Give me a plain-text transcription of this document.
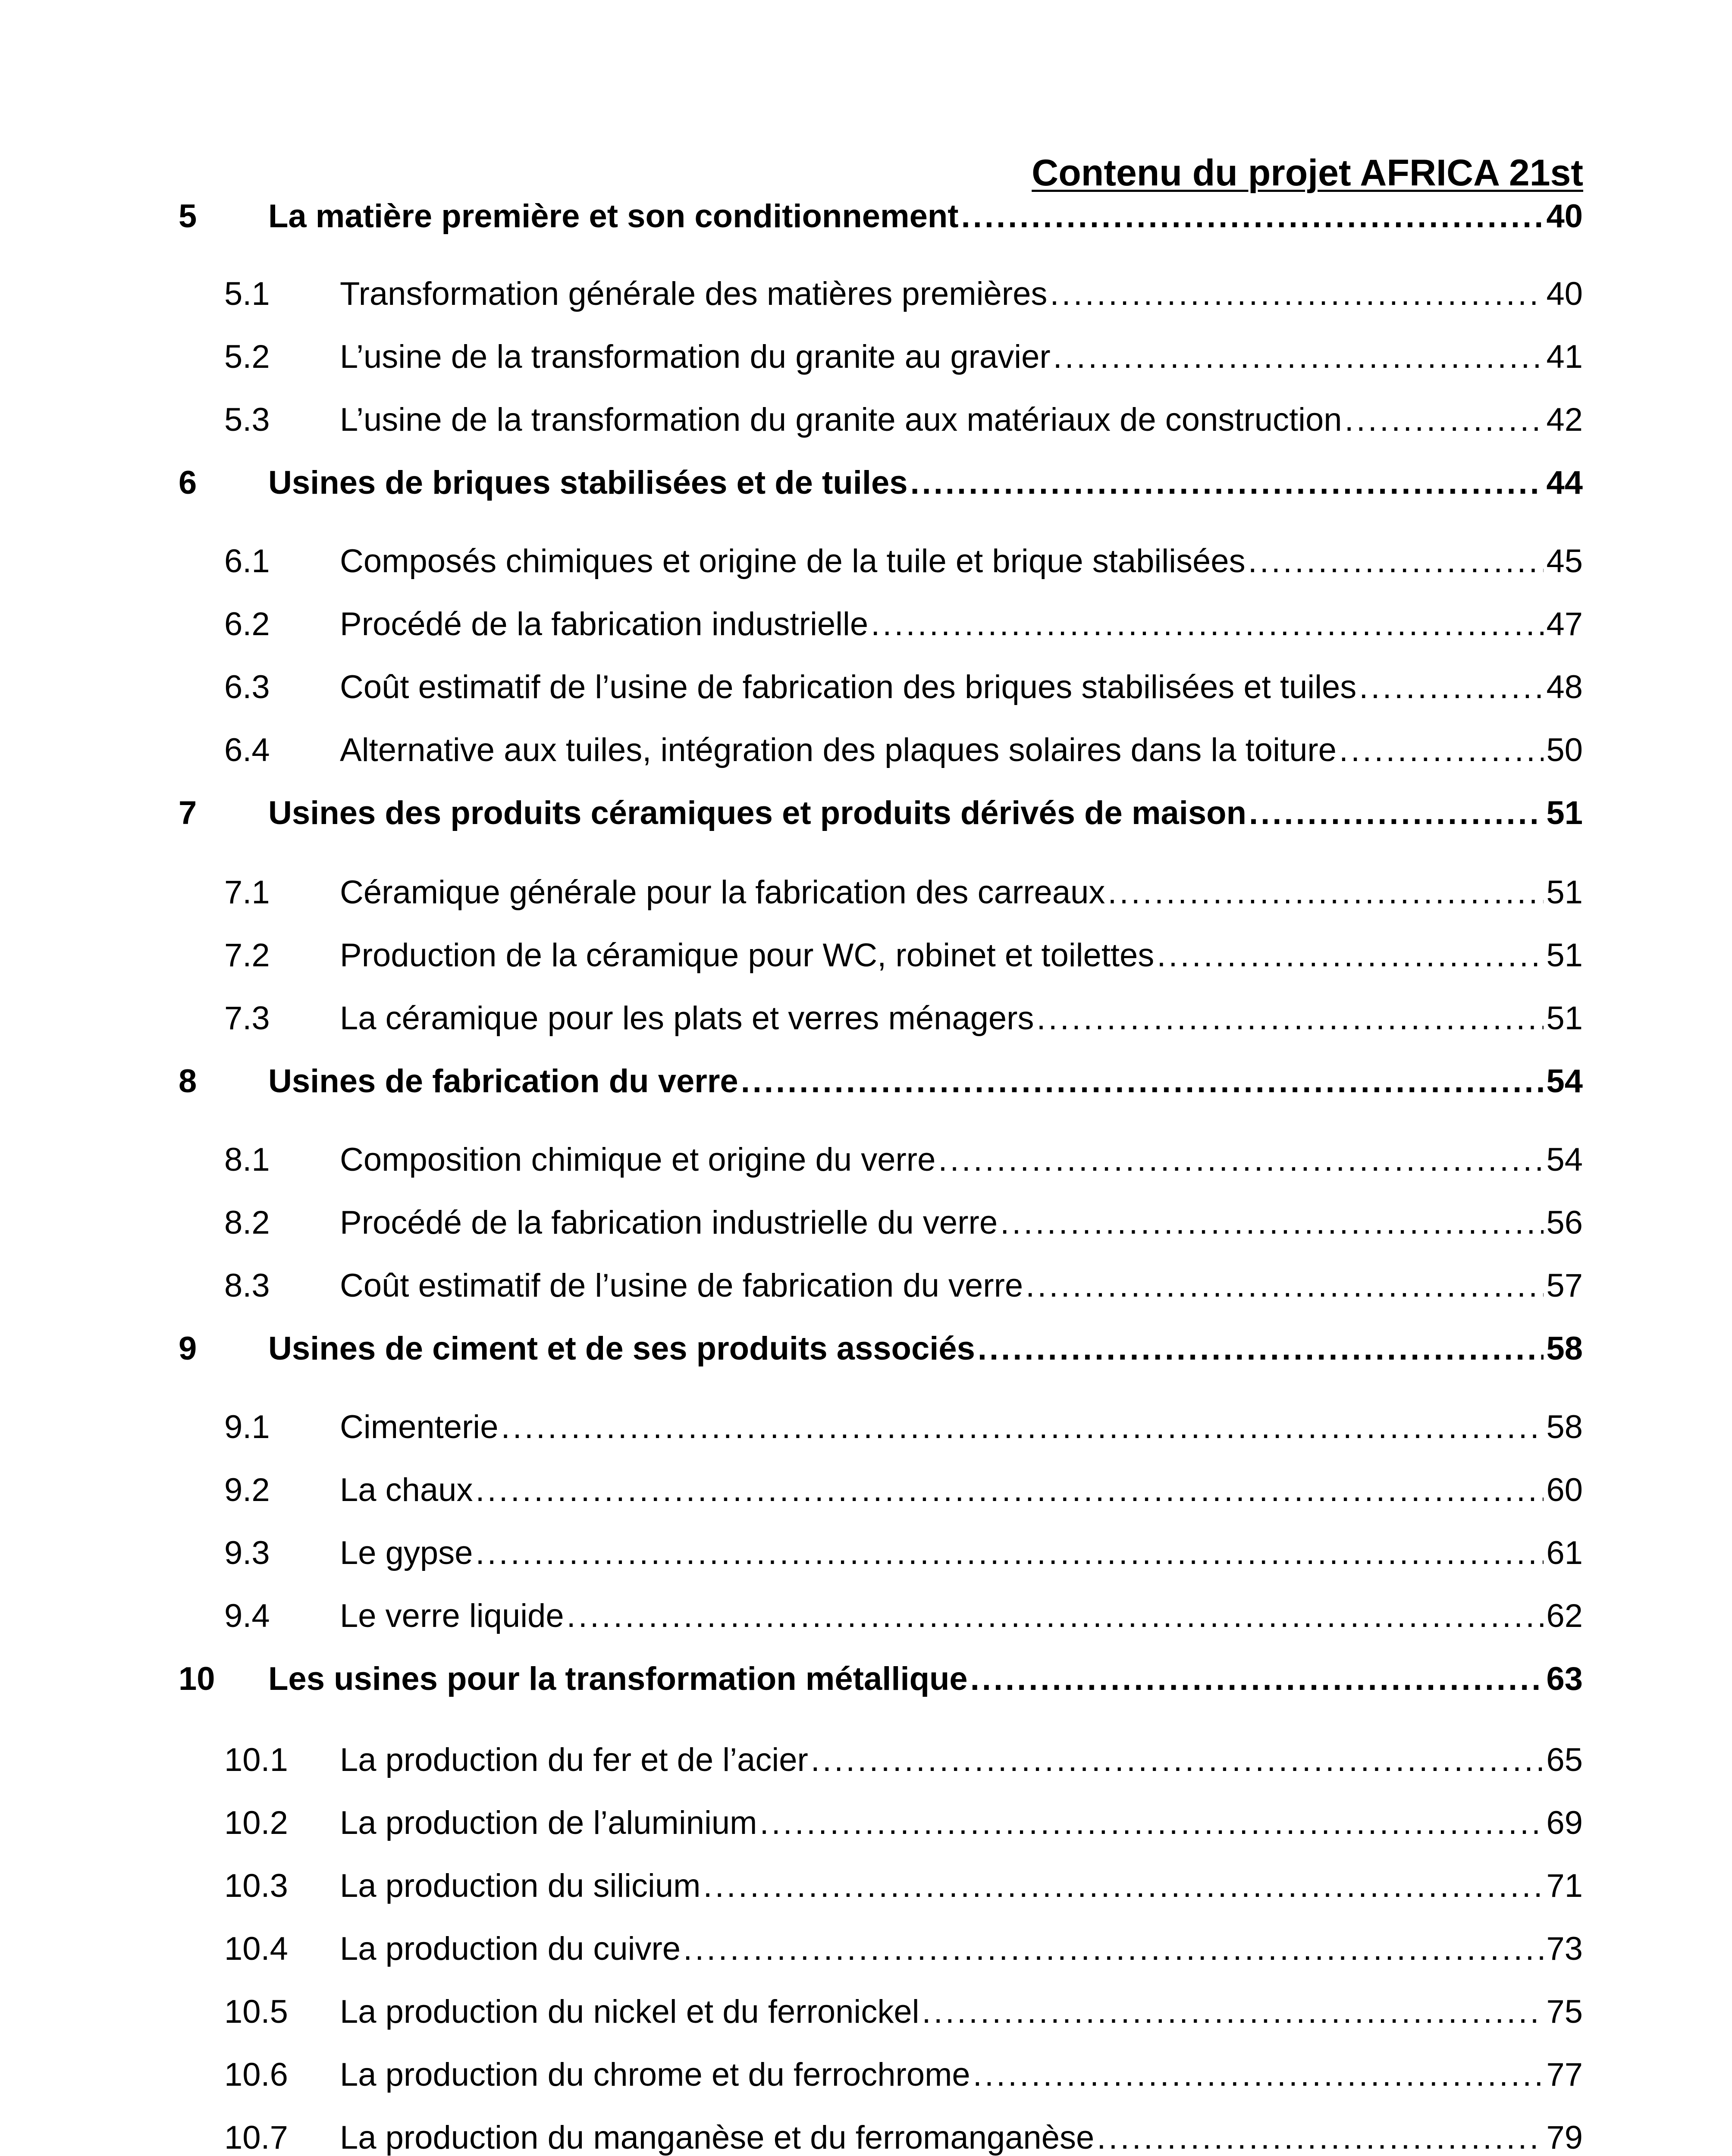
Contenu du projet AFRICA 21st
5	La matière première et son conditionnement .....	40
5.1	Transformation générale des matières premières .....	40
5.2	L’usine de la transformation du granite au gravier .....	41
5.3	L’usine de la transformation du granite aux matériaux de construction .....	42
6	Usines de briques stabilisées et de tuiles .....	44
6.1	Composés chimiques et origine de la tuile et brique stabilisées .....	45
6.2	Procédé de la fabrication industrielle .....	47
6.3	Coût estimatif de l’usine de fabrication des briques stabilisées et tuiles .....	48
6.4	Alternative aux tuiles, intégration des plaques solaires dans la toiture .....	50
7	Usines des produits céramiques et produits dérivés de maison .....	51
7.1	Céramique générale pour la fabrication des carreaux .....	51
7.2	Production de la céramique pour WC, robinet et toilettes .....	51
7.3	La céramique pour les plats et verres ménagers .....	51
8	Usines de fabrication du verre .....	54
8.1	Composition chimique et origine du verre .....	54
8.2	Procédé de la fabrication industrielle du verre .....	56
8.3	Coût estimatif de l’usine de fabrication du verre .....	57
9	Usines de ciment et de ses produits associés .....	58
9.1	Cimenterie .....	58
9.2	La chaux .....	60
9.3	Le gypse .....	61
9.4	Le verre liquide .....	62
10	Les usines pour la transformation métallique .....	63
10.1	La production du fer et de l’acier .....	65
10.2	La production de l’aluminium .....	69
10.3	La production du silicium .....	71
10.4	La production du cuivre .....	73
10.5	La production du nickel et du ferronickel .....	75
10.6	La production du chrome et du ferrochrome .....	77
10.7	La production du manganèse et du ferromanganèse .....	79
